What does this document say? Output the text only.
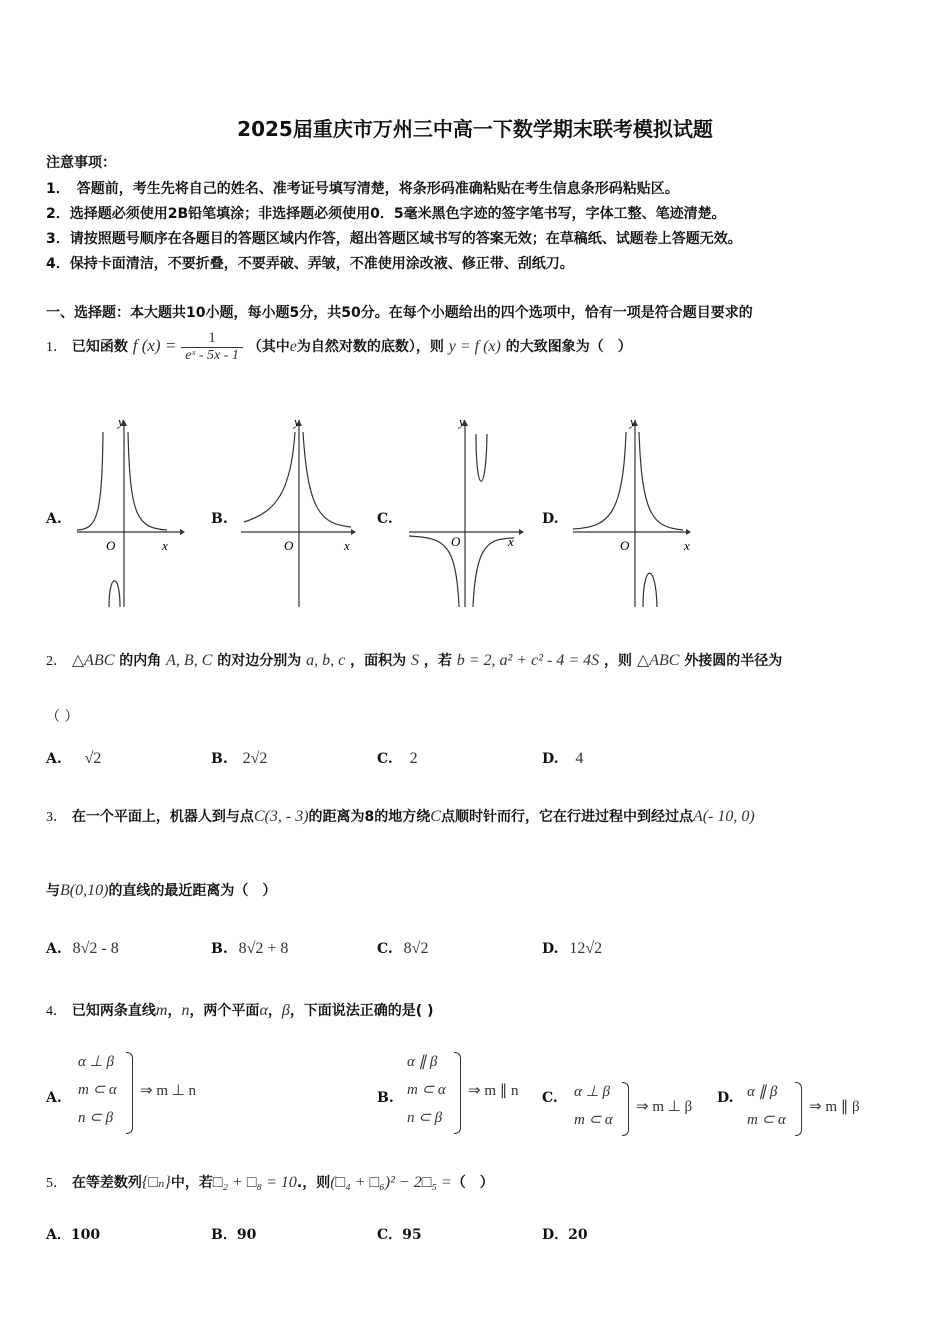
2025届重庆市万州三中高一下数学期末联考模拟试题
注意事项：
1．　答题前，考生先将自己的姓名、准考证号填写清楚，将条形码准确粘贴在考生信息条形码粘贴区。
2．选择题必须使用2B铅笔填涂；非选择题必须使用0．5毫米黑色字迹的签字笔书写，字体工整、笔迹清楚。
3．请按照题号顺序在各题目的答题区域内作答，超出答题区域书写的答案无效；在草稿纸、试题卷上答题无效。
4．保持卡面清洁，不要折叠，不要弄破、弄皱，不准使用涂改液、修正带、刮纸刀。
一、选择题：本大题共10小题，每小题5分，共50分。在每个小题给出的四个选项中，恰有一项是符合题目要求的
1． 已知函数 f $(x) = \frac{1}{\text{eˣ - 5x - 1}}$ （其中e为自然对数的底数），则 y = f (x) 的大致图象为（　）
A.
y
x
O
B.
y
x
O
C.
y
x
O
D.
y
x
O
2． △ABC 的内角 A, B, C 的对边分别为 a, b, c ，面积为 S ，若 b = 2, a² + c² - 4 = 4S ，则 △ABC 外接圆的半径为
（ ）
A. √2	B. 2√2	C. 2	D. 4
3． 在一个平面上，机器人到与点C(3, - 3)的距离为8的地方绕C点顺时针而行，它在行进过程中到经过点A(- 10, 0)
与B(0,10)的直线的最近距离为（　）
A. 8√2 - 8	B. 8√2 + 8	C. 8√2	D. 12√2
4． 已知两条直线m，n，两个平面α，β，下面说法正确的是( )
A.
α ⊥ β
m ⊂ α
n ⊂ β
⇒ m ⊥ n	B.
α ∥ β
m ⊂ α
n ⊂ β
⇒ m ∥ n C. α ⊥ β
m ⊂ α
⇒ m ⊥ β
D. α ∥ β
m ⊂ α
⇒ m ∥ β
5． 在等差数列{□ₙ}中，若□₂ + □₈ = 10.，则(□₄ + □₆)² − 2□₅ =（　）
A．100	B．90	C．95	D．20
